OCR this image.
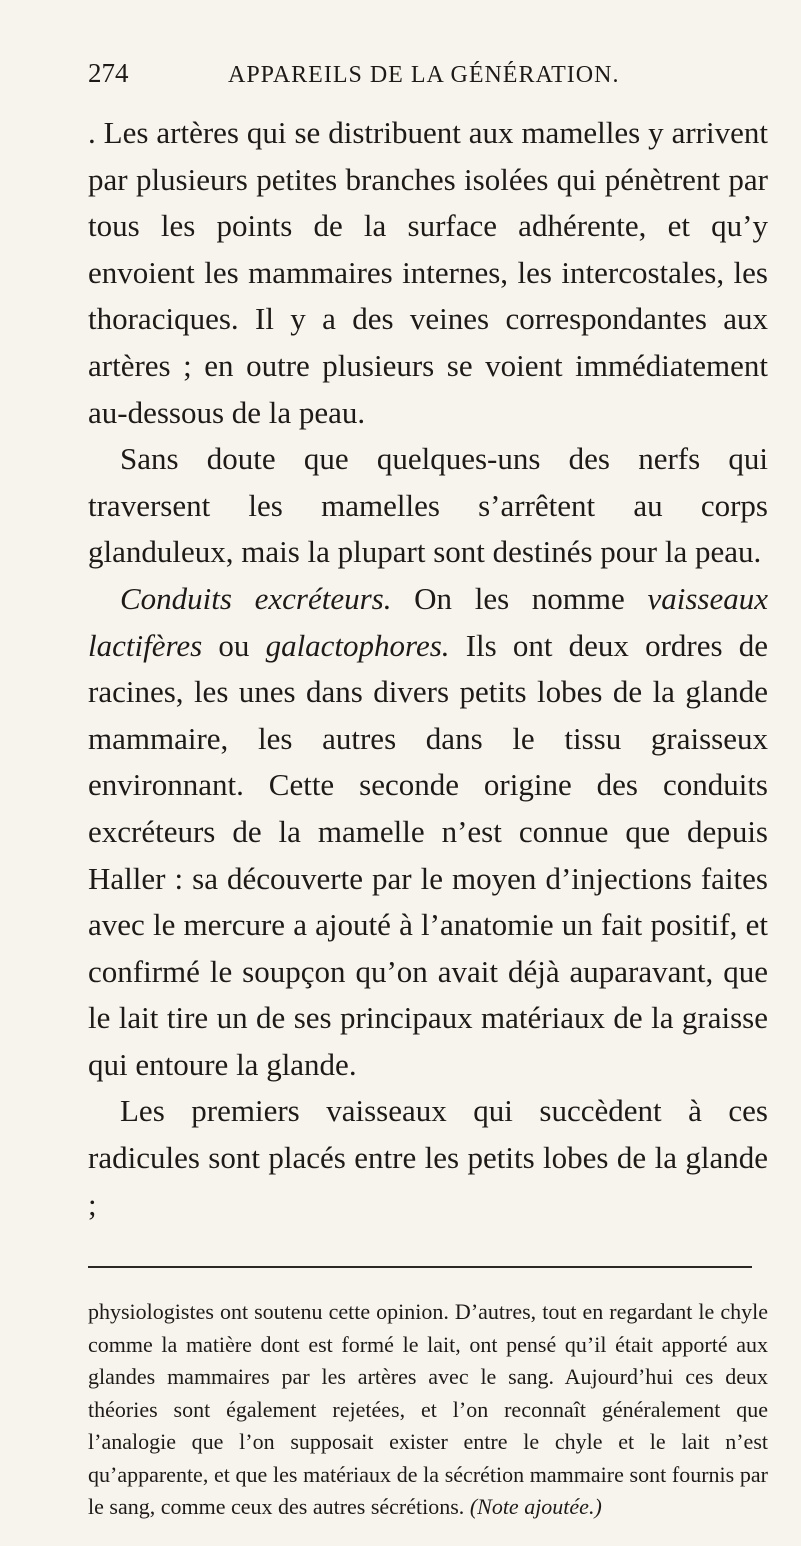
274	APPAREILS DE LA GÉNÉRATION.

. Les artères qui se distribuent aux mamelles y arrivent par plusieurs petites branches isolées qui pénètrent par tous les points de la surface adhérente, et qu’y envoient les mammaires internes, les intercostales, les thoraciques. Il y a des veines correspondantes aux artères ; en outre plusieurs se voient immédiatement au-dessous de la peau.

Sans doute que quelques-uns des nerfs qui traversent les mamelles s’arrêtent au corps glanduleux, mais la plupart sont destinés pour la peau.

Conduits excréteurs. On les nomme vaisseaux lactifères ou galactophores. Ils ont deux ordres de racines, les unes dans divers petits lobes de la glande mammaire, les autres dans le tissu graisseux environnant. Cette seconde origine des conduits excréteurs de la mamelle n’est connue que depuis Haller : sa découverte par le moyen d’injections faites avec le mercure a ajouté à l’anatomie un fait positif, et confirmé le soupçon qu’on avait déjà auparavant, que le lait tire un de ses principaux matériaux de la graisse qui entoure la glande.

Les premiers vaisseaux qui succèdent à ces radicules sont placés entre les petits lobes de la glande ;

physiologistes ont soutenu cette opinion. D’autres, tout en regardant le chyle comme la matière dont est formé le lait, ont pensé qu’il était apporté aux glandes mammaires par les artères avec le sang. Aujourd’hui ces deux théories sont également rejetées, et l’on reconnaît généralement que l’analogie que l’on supposait exister entre le chyle et le lait n’est qu’apparente, et que les matériaux de la sécrétion mammaire sont fournis par le sang, comme ceux des autres sécrétions. (Note ajoutée.)
